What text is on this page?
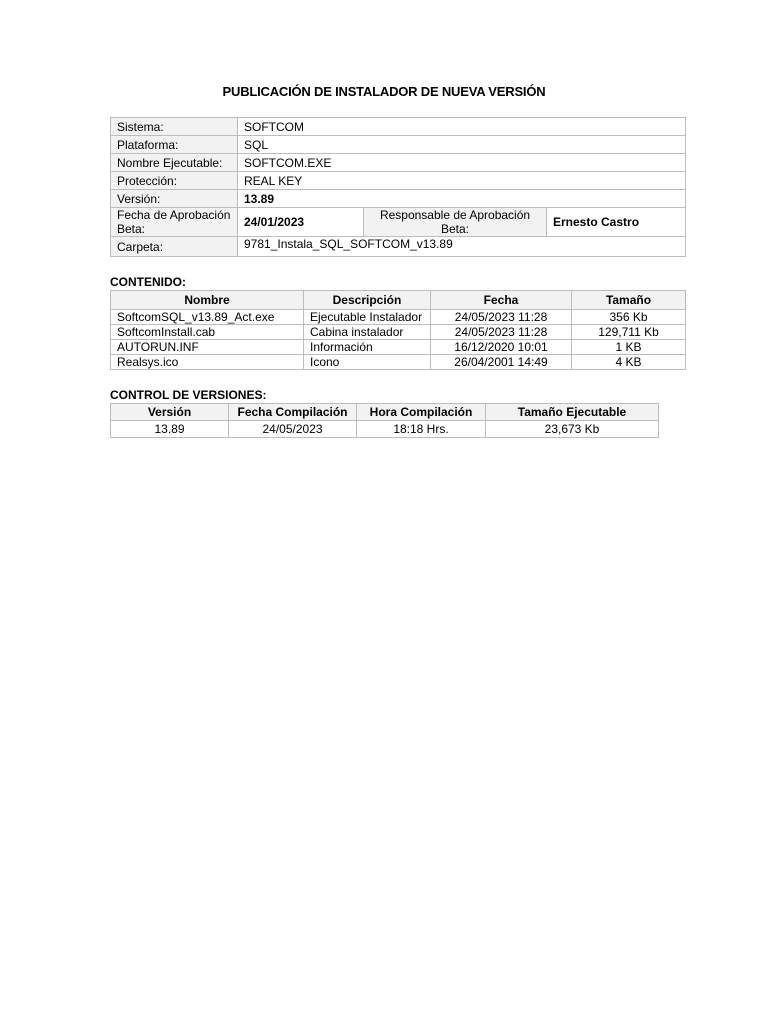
PUBLICACIÓN DE INSTALADOR DE NUEVA VERSIÓN
Sistema:	SOFTCOM		
Plataforma:	SQL		
Nombre Ejecutable:	SOFTCOM.EXE		
Protección:	REAL KEY		
Versión:	13.89		
Fecha de Aprobación Beta:	24/01/2023	Responsable de Aprobación Beta:	Ernesto Castro
Carpeta:	9781_Instala_SQL_SOFTCOM_v13.89		
CONTENIDO:
Nombre	Descripción	Fecha	Tamaño
SoftcomSQL_v13.89_Act.exe	Ejecutable Instalador	24/05/2023 11:28	356 Kb
SoftcomInstall.cab	Cabina instalador	24/05/2023 11:28	129,711 Kb
AUTORUN.INF	Información	16/12/2020 10:01	1 KB
Realsys.ico	Icono	26/04/2001 14:49	4 KB
CONTROL DE VERSIONES:
Versión	Fecha Compilación	Hora Compilación	Tamaño Ejecutable
13.89	24/05/2023	18:18 Hrs.	23,673 Kb
